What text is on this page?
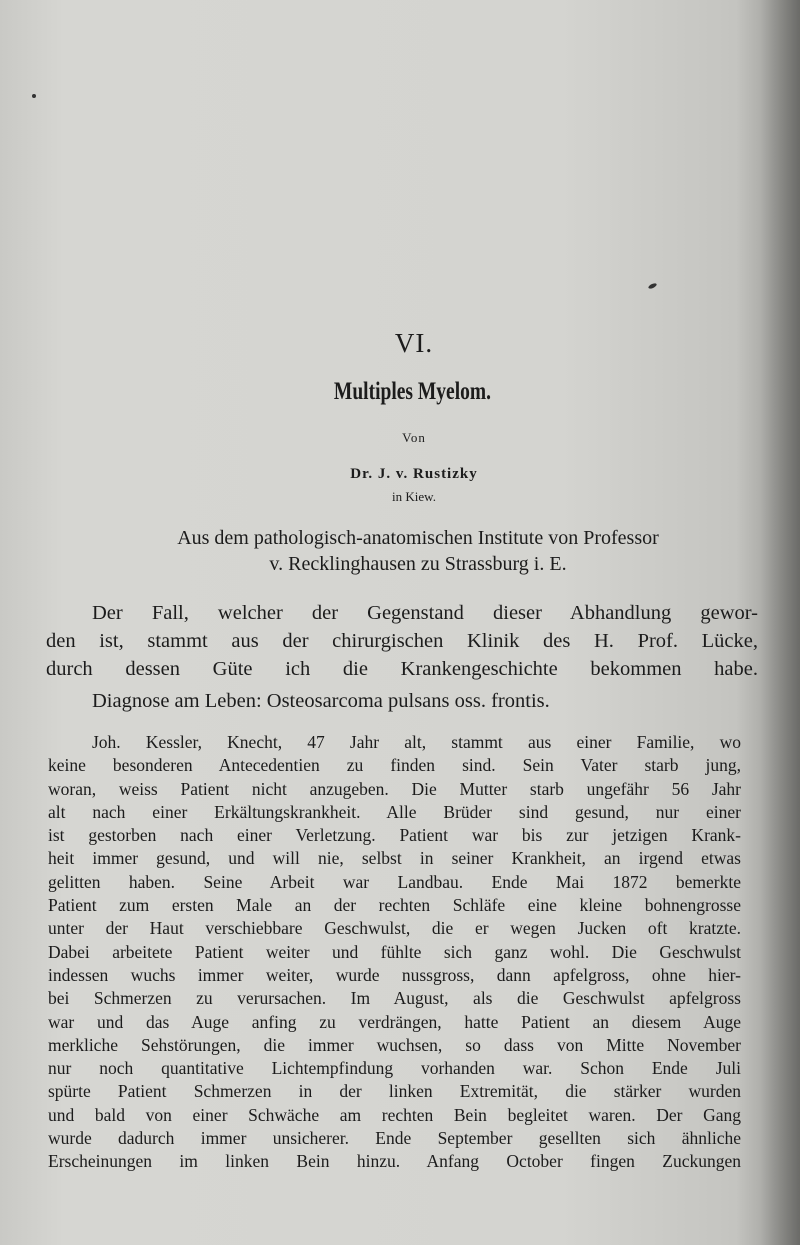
VI.
Multiples Myelom.
Von
Dr. J. v. Rustizky
in Kiew.
Aus dem pathologisch-anatomischen Institute von Professor
v. Recklinghausen zu Strassburg i. E.
Der Fall, welcher der Gegenstand dieser Abhandlung gewor-
den ist, stammt aus der chirurgischen Klinik des H. Prof. Lücke,
durch dessen Güte ich die Krankengeschichte bekommen habe.
Diagnose am Leben: Osteosarcoma pulsans oss. frontis.
Joh. Kessler, Knecht, 47 Jahr alt, stammt aus einer Familie, wo
keine besonderen Antecedentien zu finden sind. Sein Vater starb jung,
woran, weiss Patient nicht anzugeben. Die Mutter starb ungefähr 56 Jahr
alt nach einer Erkältungskrankheit. Alle Brüder sind gesund, nur einer
ist gestorben nach einer Verletzung. Patient war bis zur jetzigen Krank-
heit immer gesund, und will nie, selbst in seiner Krankheit, an irgend etwas
gelitten haben. Seine Arbeit war Landbau. Ende Mai 1872 bemerkte
Patient zum ersten Male an der rechten Schläfe eine kleine bohnengrosse
unter der Haut verschiebbare Geschwulst, die er wegen Jucken oft kratzte.
Dabei arbeitete Patient weiter und fühlte sich ganz wohl. Die Geschwulst
indessen wuchs immer weiter, wurde nussgross, dann apfelgross, ohne hier-
bei Schmerzen zu verursachen. Im August, als die Geschwulst apfelgross
war und das Auge anfing zu verdrängen, hatte Patient an diesem Auge
merkliche Sehstörungen, die immer wuchsen, so dass von Mitte November
nur noch quantitative Lichtempfindung vorhanden war. Schon Ende Juli
spürte Patient Schmerzen in der linken Extremität, die stärker wurden
und bald von einer Schwäche am rechten Bein begleitet waren. Der Gang
wurde dadurch immer unsicherer. Ende September gesellten sich ähnliche
Erscheinungen im linken Bein hinzu. Anfang October fingen Zuckungen
